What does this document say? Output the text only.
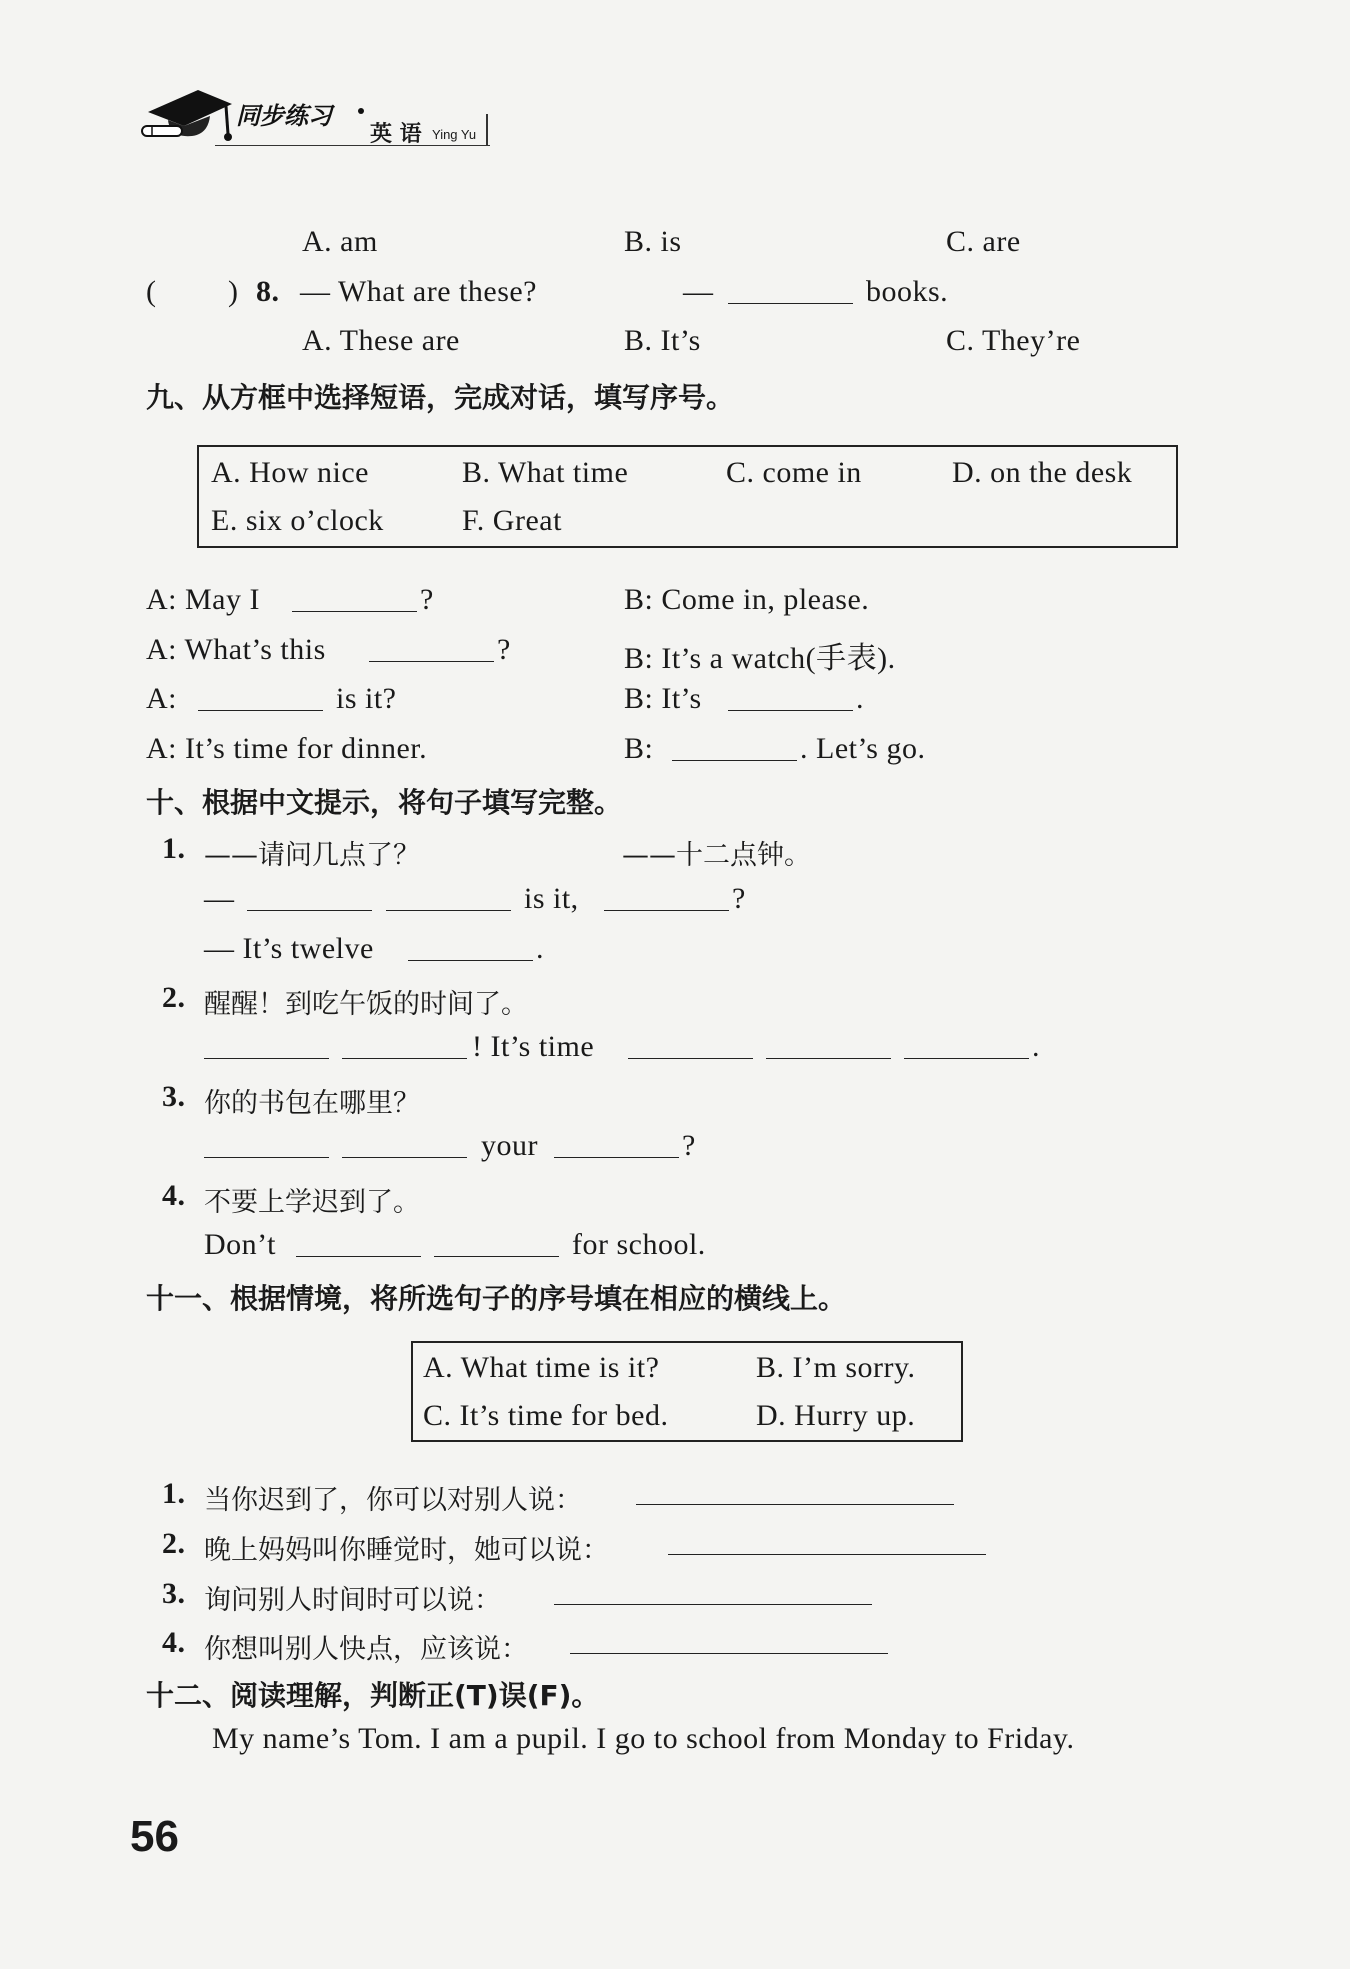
同步练习
英 语 Ying Yu
A. am	B. is	C. are
( ) 8. — What are these?	—	books.
A. These are	B. It’s	C. They’re
九、从方框中选择短语，完成对话，填写序号。
A. How nice	B. What time	C. come in	D. on the desk
E. six o’clock	F. Great
A: May I	?	B: Come in, please.
A: What’s this	?	B: It’s a watch(手表).
A:	is it?	B: It’s	.
A: It’s time for dinner.	B:	. Let’s go.
十、根据中文提示，将句子填写完整。
1. ——请问几点了？	——十二点钟。
—	is it,	?
— It’s twelve	.
2. 醒醒！到吃午饭的时间了。
! It’s time	.
3. 你的书包在哪里？
your	?
4. 不要上学迟到了。
Don’t	for school.
十一、根据情境，将所选句子的序号填在相应的横线上。
A. What time is it?	B. I’m sorry.
C. It’s time for bed.	D. Hurry up.
1. 当你迟到了，你可以对别人说：
2. 晚上妈妈叫你睡觉时，她可以说：
3. 询问别人时间时可以说：
4. 你想叫别人快点，应该说：
十二、阅读理解，判断正(T)误(F)。
My name’s Tom. I am a pupil. I go to school from Monday to Friday.
56
